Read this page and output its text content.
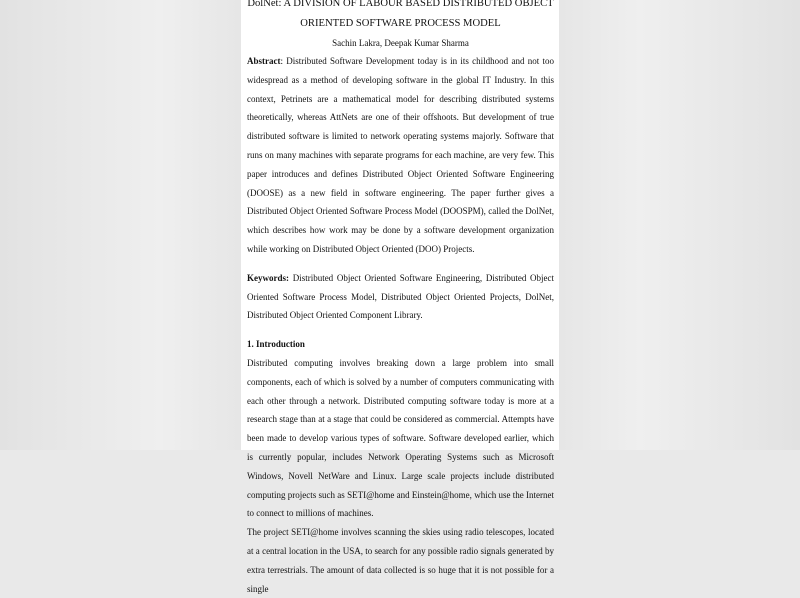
DolNet: A DIVISION OF LABOUR BASED DISTRIBUTED OBJECT

ORIENTED SOFTWARE PROCESS MODEL

Sachin Lakra, Deepak Kumar Sharma

Abstract: Distributed Software Development today is in its childhood and not too widespread as a method of developing software in the global IT Industry. In this context, Petrinets are a mathematical model for describing distributed systems theoretically, whereas AttNets are one of their offshoots. But development of true distributed software is limited to network operating systems majorly. Software that runs on many machines with separate programs for each machine, are very few. This paper introduces and defines Distributed Object Oriented Software Engineering (DOOSE) as a new field in software engineering. The paper further gives a Distributed Object Oriented Software Process Model (DOOSPM), called the DolNet, which describes how work may be done by a software development organization while working on Distributed Object Oriented (DOO) Projects.

Keywords: Distributed Object Oriented Software Engineering, Distributed Object Oriented Software Process Model, Distributed Object Oriented Projects, DolNet, Distributed Object Oriented Component Library.

1. Introduction

Distributed computing involves breaking down a large problem into small components, each of which is solved by a number of computers communicating with each other through a network. Distributed computing software today is more at a research stage than at a stage that could be considered as commercial. Attempts have been made to develop various types of software. Software developed earlier, which is currently popular, includes Network Operating Systems such as Microsoft Windows, Novell NetWare and Linux. Large scale projects include distributed computing projects such as SETI@home and Einstein@home, which use the Internet to connect to millions of machines.

The project SETI@home involves scanning the skies using radio telescopes, located at a central location in the USA, to search for any possible radio signals generated by extra terrestrials. The amount of data collected is so huge that it is not possible for a single
